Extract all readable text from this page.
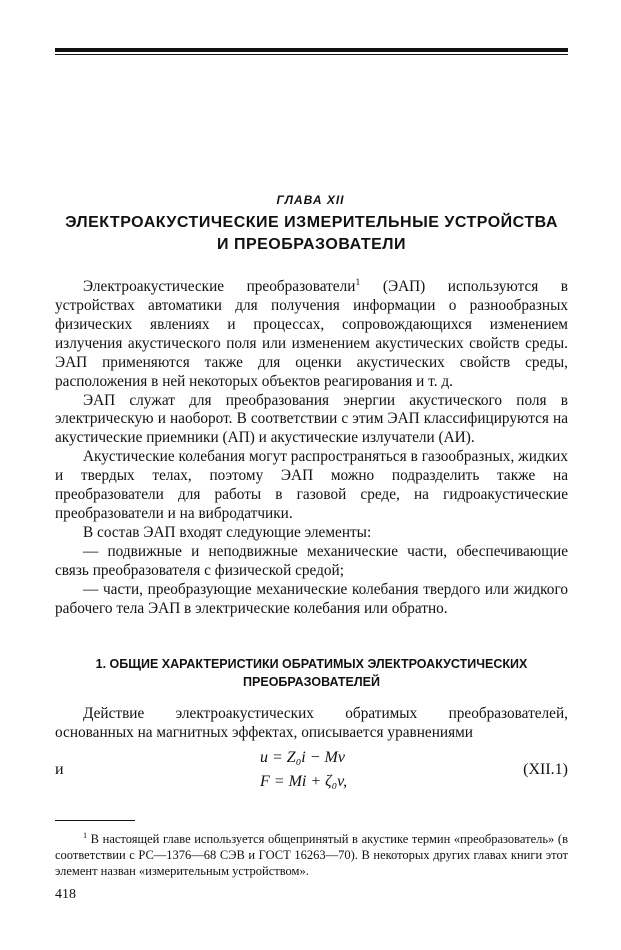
ГЛАВА XII
ЭЛЕКТРОАКУСТИЧЕСКИЕ ИЗМЕРИТЕЛЬНЫЕ УСТРОЙСТВА
И ПРЕОБРАЗОВАТЕЛИ

Электроакустические преобразователи$^1$ (ЭАП) используются в устройствах автоматики для получения информации о разнообразных физических явлениях и процессах, сопровождающихся изменением излучения акустического поля или изменением акустических свойств среды. ЭАП применяются также для оценки акустических свойств среды, расположения в ней некоторых объектов реагирования и т. д.

ЭАП служат для преобразования энергии акустического поля в электрическую и наоборот. В соответствии с этим ЭАП классифицируются на акустические приемники (АП) и акустические излучатели (АИ).

Акустические колебания могут распространяться в газообразных, жидких и твердых телах, поэтому ЭАП можно подразделить также на преобразователи для работы в газовой среде, на гидроакустические преобразователи и на вибродатчики.

В состав ЭАП входят следующие элементы:

— подвижные и неподвижные механические части, обеспечивающие связь преобразователя с физической средой;

— части, преобразующие механические колебания твердого или жидкого рабочего тела ЭАП в электрические колебания или обратно.

1. ОБЩИЕ ХАРАКТЕРИСТИКИ ОБРАТИМЫХ ЭЛЕКТРОАКУСТИЧЕСКИХ
ПРЕОБРАЗОВАТЕЛЕЙ

Действие электроакустических обратимых преобразователей, основанных на магнитных эффектах, описывается уравнениями

и
u = Z₀i − Mv
F = Mi + ζ₀v,
(XII.1)

$^1$ В настоящей главе используется общепринятый в акустике термин «преобразователь» (в соответствии с РС—1376—68 СЭВ и ГОСТ 16263—70). В некоторых других главах книги этот элемент назван «измерительным устройством».

418
